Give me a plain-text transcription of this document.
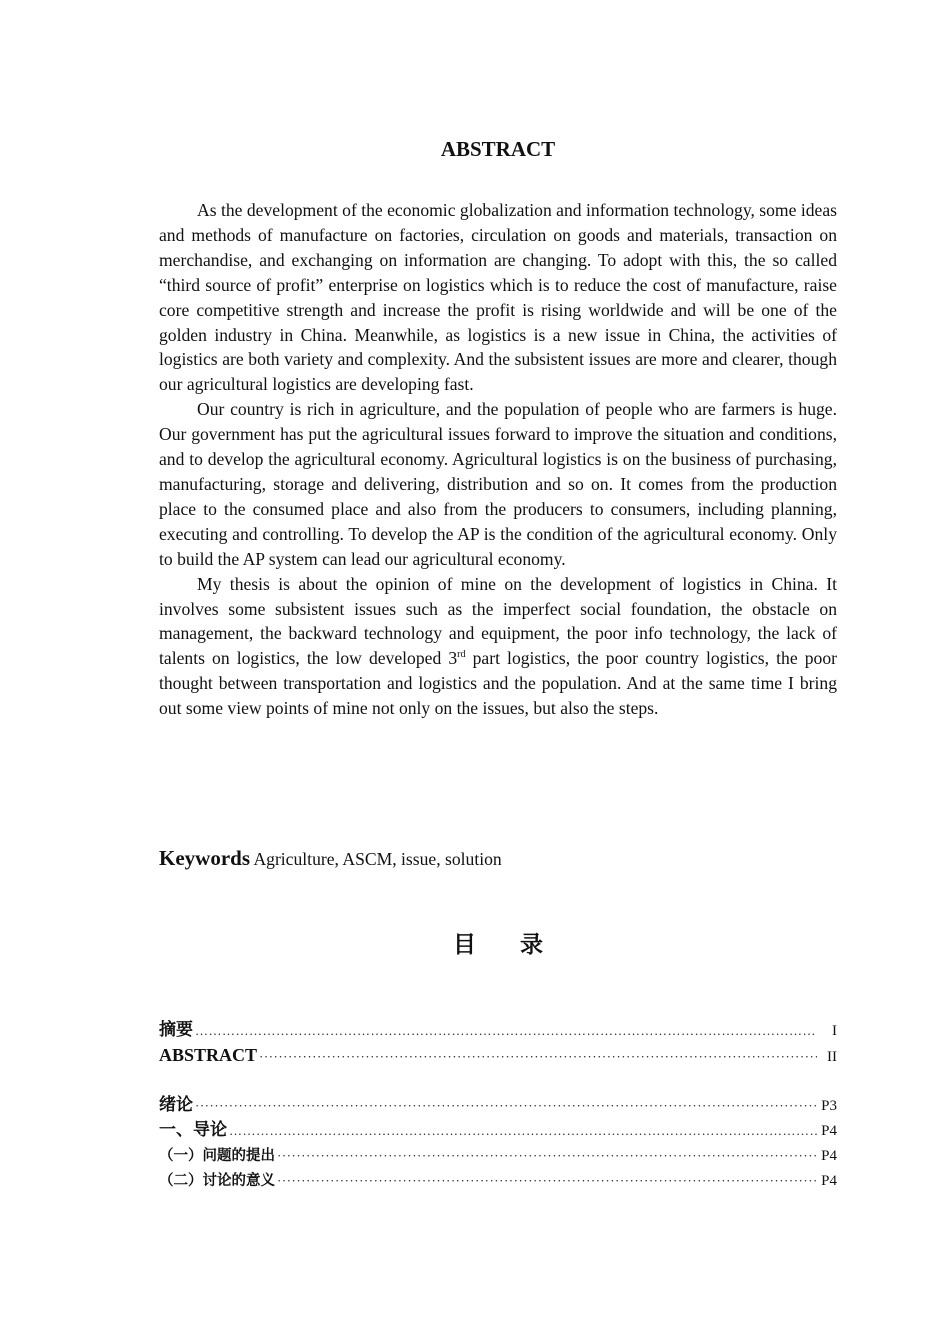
ABSTRACT

As the development of the economic globalization and information technology, some ideas and methods of manufacture on factories, circulation on goods and materials, transaction on merchandise, and exchanging on information are changing. To adopt with this, the so called “third source of profit” enterprise on logistics which is to reduce the cost of manufacture, raise core competitive strength and increase the profit is rising worldwide and will be one of the golden industry in China. Meanwhile, as logistics is a new issue in China, the activities of logistics are both variety and complexity. And the subsistent issues are more and clearer, though our agricultural logistics are developing fast.

Our country is rich in agriculture, and the population of people who are farmers is huge. Our government has put the agricultural issues forward to improve the situation and conditions, and to develop the agricultural economy. Agricultural logistics is on the business of purchasing, manufacturing, storage and delivering, distribution and so on. It comes from the production place to the consumed place and also from the producers to consumers, including planning, executing and controlling. To develop the AP is the condition of the agricultural economy. Only to build the AP system can lead our agricultural economy.

My thesis is about the opinion of mine on the development of logistics in China. It involves some subsistent issues such as the imperfect social foundation, the obstacle on management, the backward technology and equipment, the poor info technology, the lack of talents on logistics, the low developed 3rd part logistics, the poor country logistics, the poor thought between transportation and logistics and the population. And at the same time I bring out some view points of mine not only on the issues, but also the steps.

Keywords Agriculture, ASCM, issue, solution
目 录
摘要 ……………………………………………………………………………………………………………………………………………………………………	I
ABSTRACT ·····	II
绪论 ·····	P3
一、导论 ……………………………………………………………………………………………………………………………………………………………………	P4
（一）问题的提出 ·····	P4
（二）讨论的意义 ·····	P4
